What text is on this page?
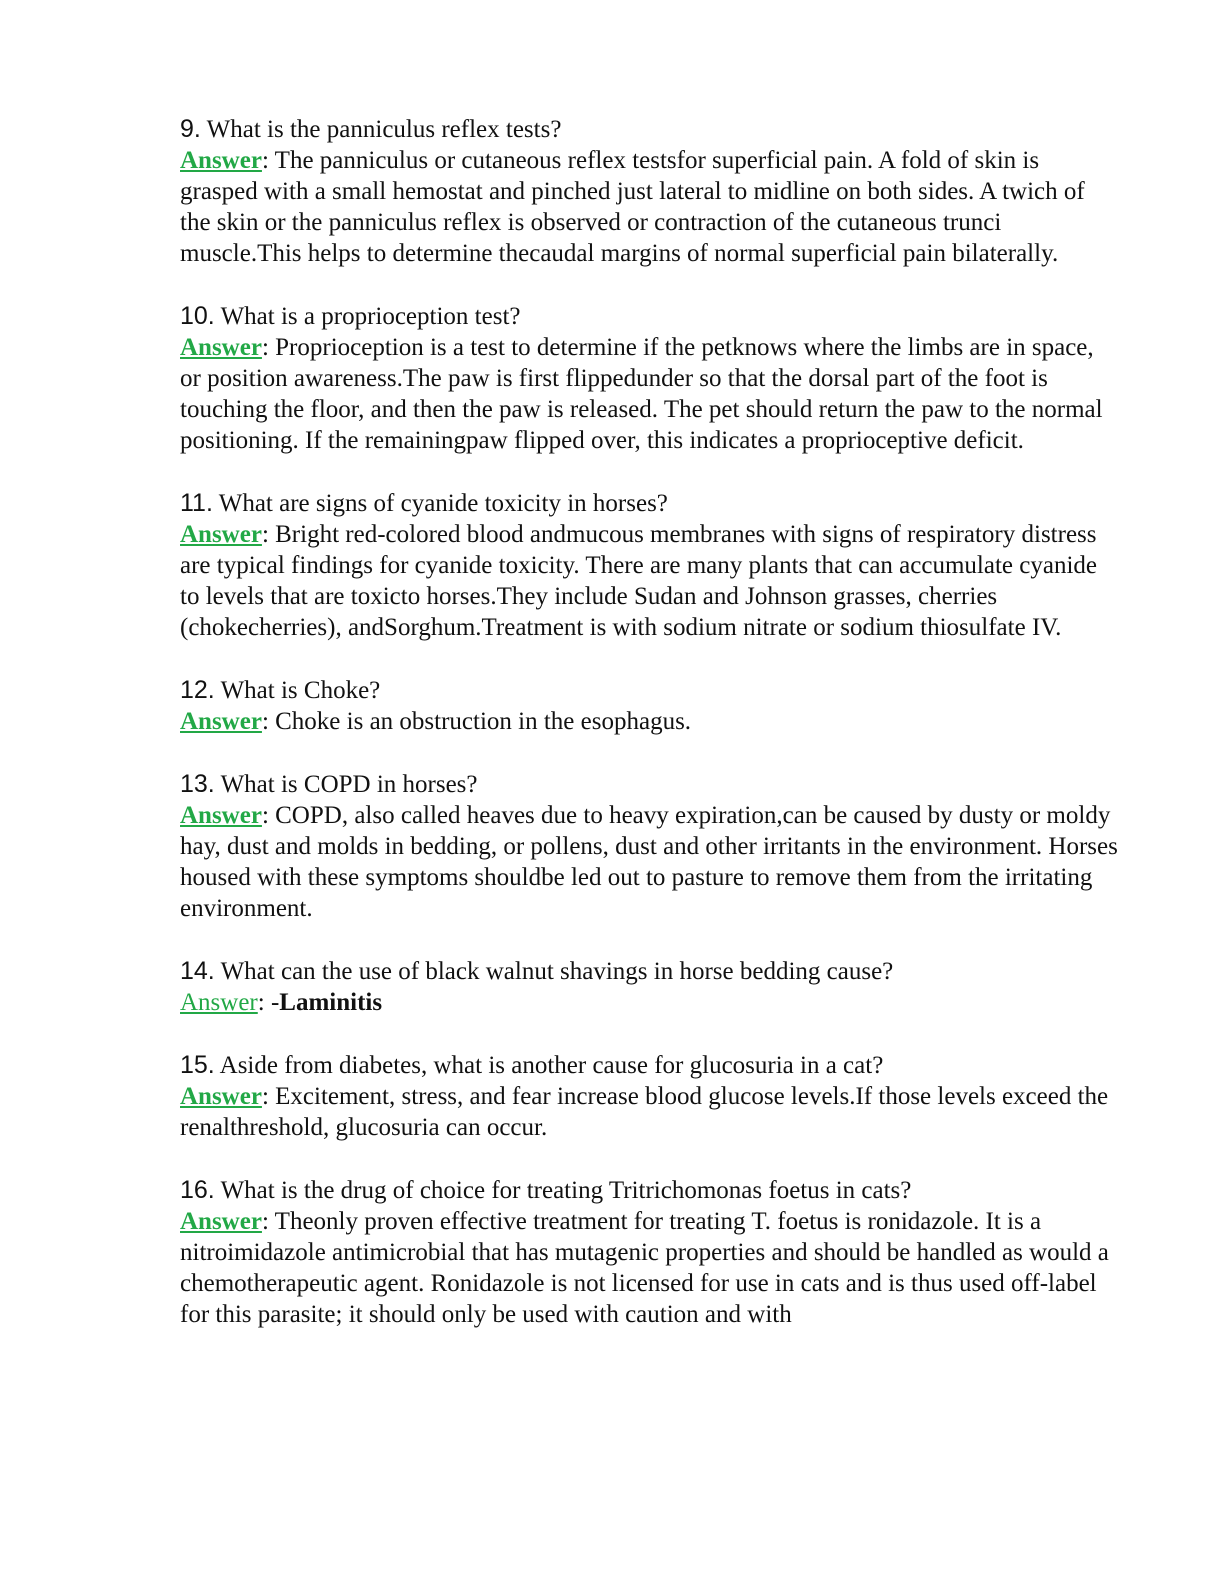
9. What is the panniculus reflex tests?

Answer: The panniculus or cutaneous reflex testsfor superficial pain. A fold of skin is grasped with a small hemostat and pinched just lateral to midline on both sides. A twich of the skin or the panniculus reflex is observed or contraction of the cutaneous trunci muscle.This helps to determine thecaudal margins of normal superficial pain bilaterally.

10. What is a proprioception test?

Answer: Proprioception is a test to determine if the petknows where the limbs are in space, or position awareness.The paw is first flippedunder so that the dorsal part of the foot is touching the floor, and then the paw is released. The pet should return the paw to the normal positioning. If the remainingpaw flipped over, this indicates a proprioceptive deficit.

11. What are signs of cyanide toxicity in horses?

Answer: Bright red-colored blood andmucous membranes with signs of respiratory distress are typical findings for cyanide toxicity. There are many plants that can accumulate cyanide to levels that are toxicto horses.They include Sudan and Johnson grasses, cherries (chokecherries), andSorghum.Treatment is with sodium nitrate or sodium thiosulfate IV.

12. What is Choke?

Answer: Choke is an obstruction in the esophagus.

13. What is COPD in horses?

Answer: COPD, also called heaves due to heavy expiration,can be caused by dusty or moldy hay, dust and molds in bedding, or pollens, dust and other irritants in the environment. Horses housed with these symptoms shouldbe led out to pasture to remove them from the irritating environment.

14. What can the use of black walnut shavings in horse bedding cause?

Answer: -Laminitis

15. Aside from diabetes, what is another cause for glucosuria in a cat?

Answer: Excitement, stress, and fear increase blood glucose levels.If those levels exceed the renalthreshold, glucosuria can occur.

16. What is the drug of choice for treating Tritrichomonas foetus in cats?

Answer: Theonly proven effective treatment for treating T. foetus is ronidazole. It is a nitroimidazole antimicrobial that has mutagenic properties and should be handled as would a chemotherapeutic agent. Ronidazole is not licensed for use in cats and is thus used off-label for this parasite; it should only be used with caution and with
